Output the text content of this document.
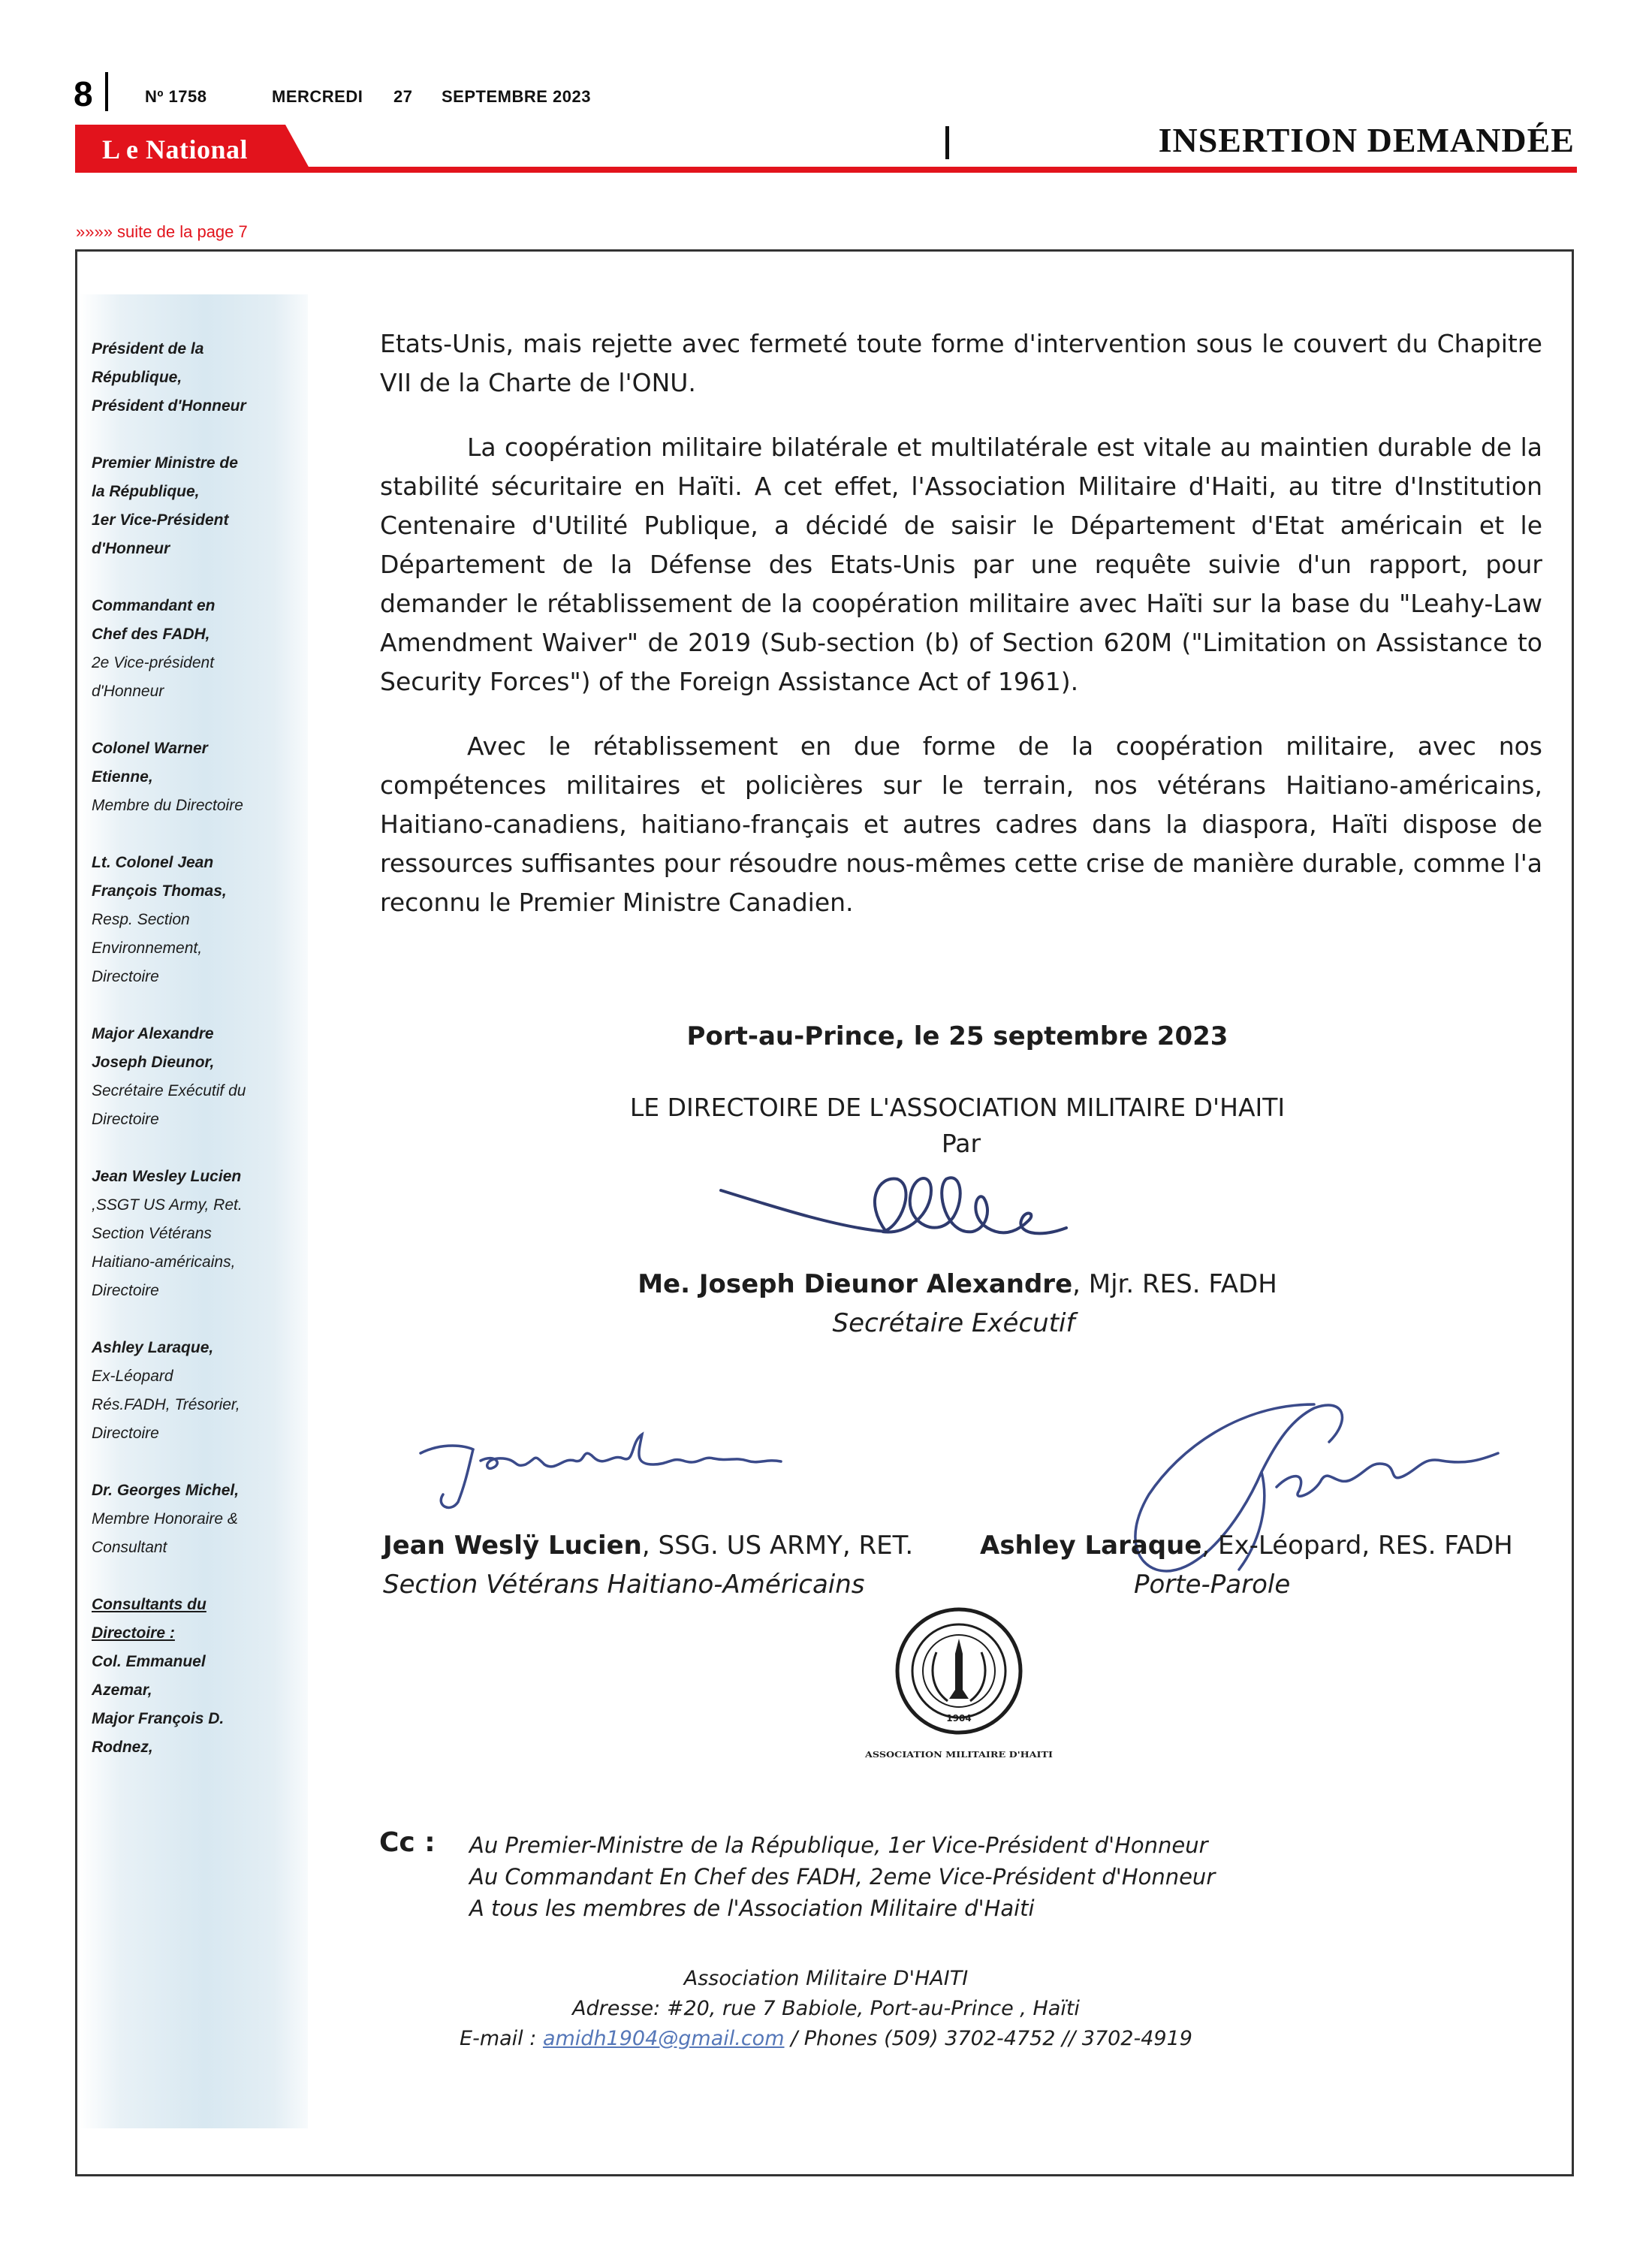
8	Nº 1758	MERCREDI 27 SEPTEMBRE 2023
L e National	INSERTION DEMANDÉE
»»»» suite de la page 7
Président de la
République,
Président d'Honneur
Premier Ministre de
la République,
1er Vice-Président
d'Honneur
Commandant en
Chef des FADH,
2e Vice-président
d'Honneur
Colonel Warner
Etienne,
Membre du Directoire
Lt. Colonel Jean
François Thomas,
Resp. Section
Environnement,
Directoire
Major Alexandre
Joseph Dieunor,
Secrétaire Exécutif du
Directoire
Jean Wesley Lucien
,SSGT US Army, Ret.
Section Vétérans
Haitiano-américains,
Directoire
Ashley Laraque,
Ex-Léopard
Rés.FADH, Trésorier,
Directoire
Dr. Georges Michel,
Membre Honoraire &
Consultant
Consultants du
Directoire :
Col. Emmanuel
Azemar,
Major François D.
Rodnez,

Etats-Unis, mais rejette avec fermeté toute forme d'intervention sous le couvert du Chapitre VII de la Charte de l'ONU.

La coopération militaire bilatérale et multilatérale est vitale au maintien durable de la stabilité sécuritaire en Haïti. A cet effet, l'Association Militaire d'Haiti, au titre d'Institution Centenaire d'Utilité Publique, a décidé de saisir le Département d'Etat américain et le Département de la Défense des Etats-Unis par une requête suivie d'un rapport, pour demander le rétablissement de la coopération militaire avec Haïti sur la base du "Leahy-Law Amendment Waiver" de 2019 (Sub-section (b) of Section 620M ("Limitation on Assistance to Security Forces") of the Foreign Assistance Act of 1961).

Avec le rétablissement en due forme de la coopération militaire, avec nos compétences militaires et policières sur le terrain, nos vétérans Haitiano-américains, Haitiano-canadiens, haitiano-français et autres cadres dans la diaspora, Haïti dispose de ressources suffisantes pour résoudre nous-mêmes cette crise de manière durable, comme l'a reconnu le Premier Ministre Canadien.

Port-au-Prince, le 25 septembre 2023
LE DIRECTOIRE DE L'ASSOCIATION MILITAIRE D'HAITI
Par
Me. Joseph Dieunor Alexandre, Mjr. RES. FADH
Secrétaire Exécutif
Jean Weslÿ Lucien, SSG. US ARMY, RET.
Section Vétérans Haitiano-Américains
Ashley Laraque, Ex-Léopard, RES. FADH
Porte-Parole
1904
ASSOCIATION MILITAIRE D'HAITI
Cc : Au Premier-Ministre de la République, 1er Vice-Président d'Honneur
Au Commandant En Chef des FADH, 2eme Vice-Président d'Honneur
A tous les membres de l'Association Militaire d'Haiti
Association Militaire D'HAITI
Adresse: #20, rue 7 Babiole, Port-au-Prince , Haïti
E-mail : amidh1904@gmail.com / Phones (509) 3702-4752 // 3702-4919
